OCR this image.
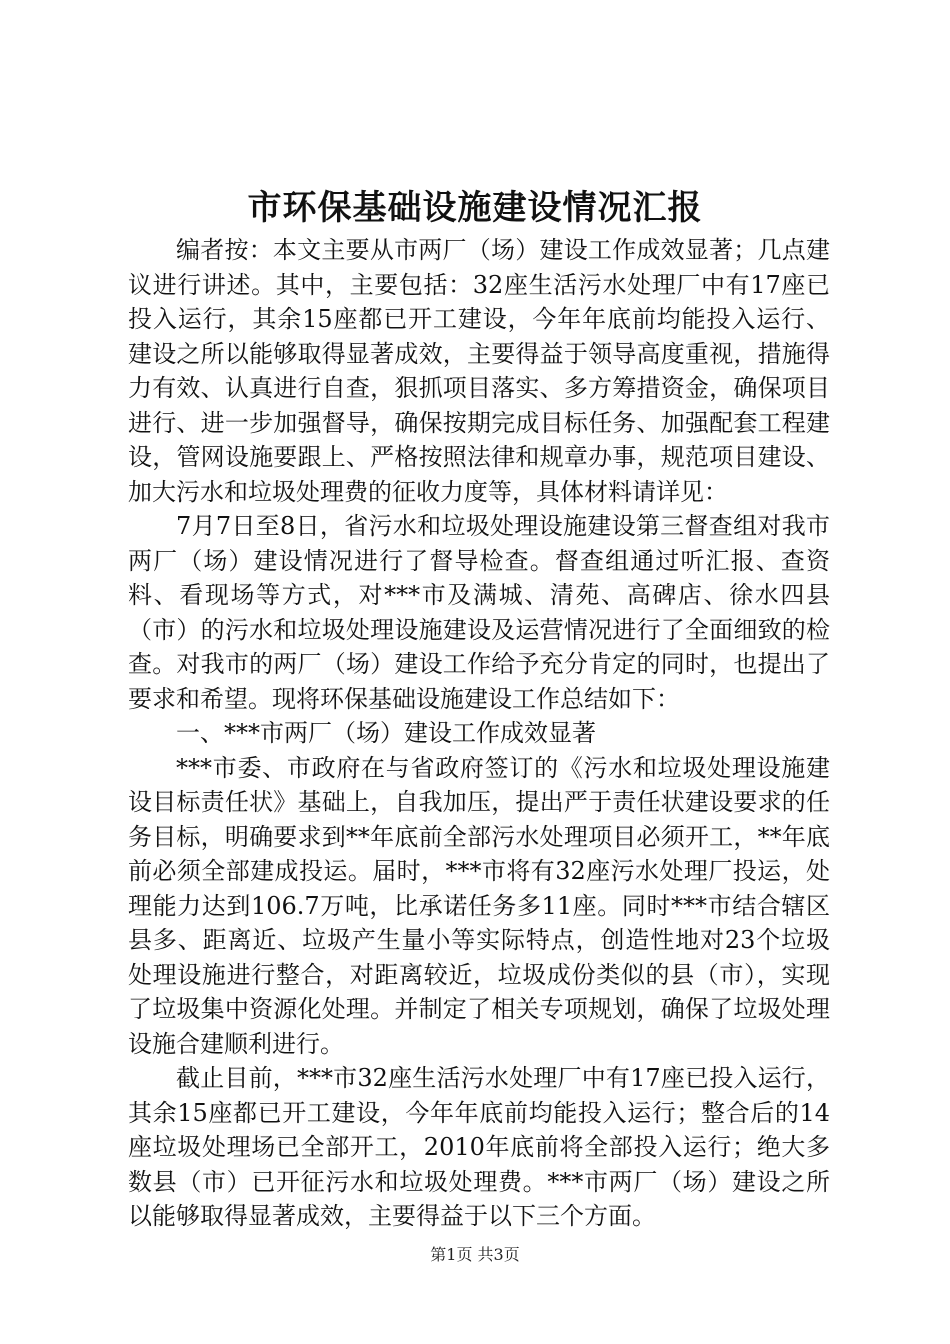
市环保基础设施建设情况汇报

编者按：本文主要从市两厂（场）建设工作成效显著；几点建议进行讲述。其中，主要包括：32座生活污水处理厂中有17座已投入运行，其余15座都已开工建设，今年年底前均能投入运行、建设之所以能够取得显著成效，主要得益于领导高度重视，措施得力有效、认真进行自查，狠抓项目落实、多方筹措资金，确保项目进行、进一步加强督导，确保按期完成目标任务、加强配套工程建设，管网设施要跟上、严格按照法律和规章办事，规范项目建设、加大污水和垃圾处理费的征收力度等，具体材料请详见：

7月7日至8日，省污水和垃圾处理设施建设第三督查组对我市两厂（场）建设情况进行了督导检查。督查组通过听汇报、查资料、看现场等方式，对***市及满城、清苑、高碑店、徐水四县（市）的污水和垃圾处理设施建设及运营情况进行了全面细致的检查。对我市的两厂（场）建设工作给予充分肯定的同时，也提出了要求和希望。现将环保基础设施建设工作总结如下：

一、***市两厂（场）建设工作成效显著

***市委、市政府在与省政府签订的《污水和垃圾处理设施建设目标责任状》基础上，自我加压，提出严于责任状建设要求的任务目标，明确要求到**年底前全部污水处理项目必须开工，**年底前必须全部建成投运。届时，***市将有32座污水处理厂投运，处理能力达到106.7万吨，比承诺任务多11座。同时***市结合辖区县多、距离近、垃圾产生量小等实际特点，创造性地对23个垃圾处理设施进行整合，对距离较近，垃圾成份类似的县（市），实现了垃圾集中资源化处理。并制定了相关专项规划，确保了垃圾处理设施合建顺利进行。

截止目前，***市32座生活污水处理厂中有17座已投入运行，其余15座都已开工建设，今年年底前均能投入运行；整合后的14座垃圾处理场已全部开工，2010年底前将全部投入运行；绝大多数县（市）已开征污水和垃圾处理费。***市两厂（场）建设之所以能够取得显著成效，主要得益于以下三个方面。

第1页 共3页
